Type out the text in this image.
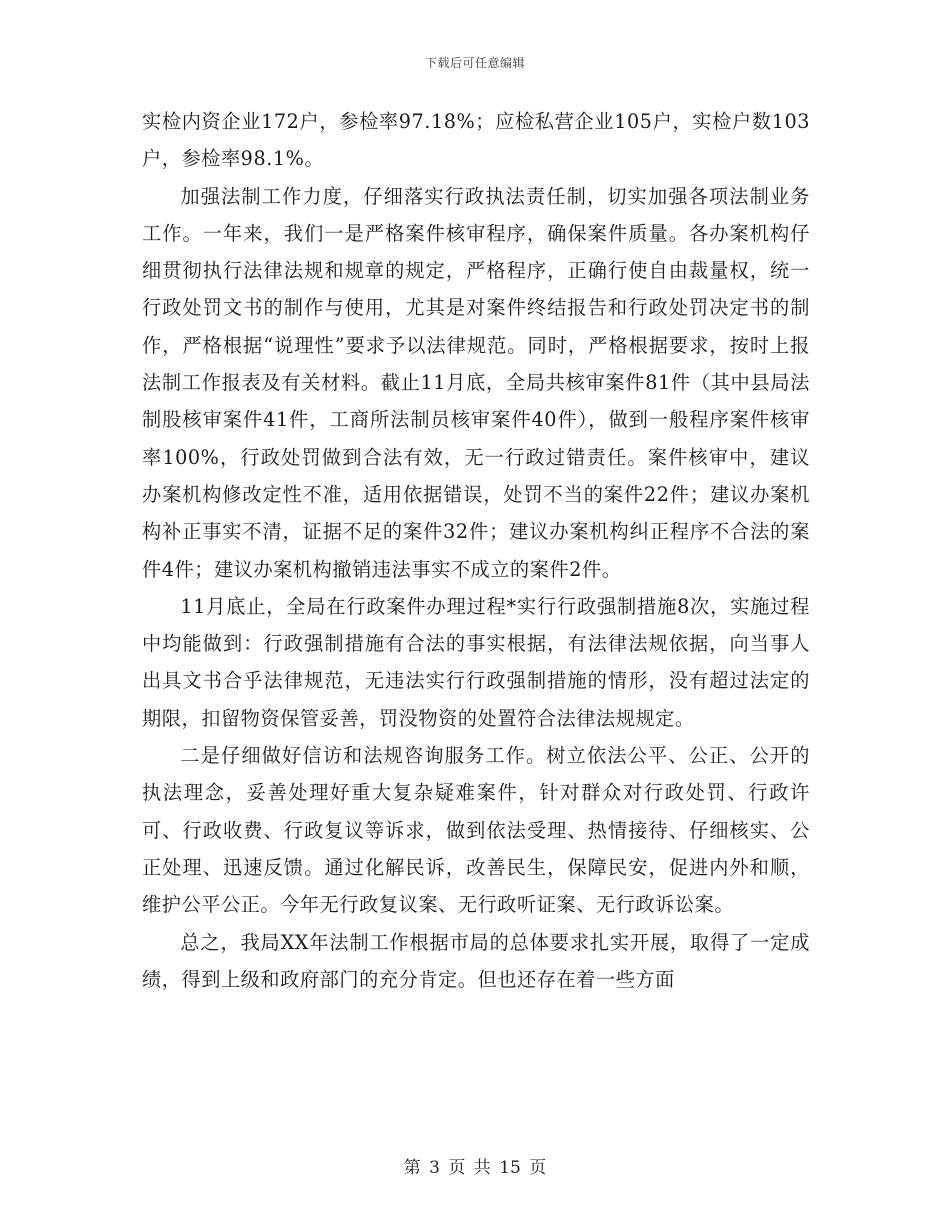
下载后可任意编辑

实检内资企业172户，参检率97.18%；应检私营企业105户，实检户数103户，参检率98.1%。

加强法制工作力度，仔细落实行政执法责任制，切实加强各项法制业务工作。一年来，我们一是严格案件核审程序，确保案件质量。各办案机构仔细贯彻执行法律法规和规章的规定，严格程序，正确行使自由裁量权，统一行政处罚文书的制作与使用，尤其是对案件终结报告和行政处罚决定书的制作，严格根据“说理性”要求予以法律规范。同时，严格根据要求，按时上报法制工作报表及有关材料。截止11月底，全局共核审案件81件（其中县局法制股核审案件41件，工商所法制员核审案件40件），做到一般程序案件核审率100%，行政处罚做到合法有效，无一行政过错责任。案件核审中，建议办案机构修改定性不准，适用依据错误，处罚不当的案件22件；建议办案机构补正事实不清，证据不足的案件32件；建议办案机构纠正程序不合法的案件4件；建议办案机构撤销违法事实不成立的案件2件。

11月底止，全局在行政案件办理过程*实行行政强制措施8次，实施过程中均能做到：行政强制措施有合法的事实根据，有法律法规依据，向当事人出具文书合乎法律规范，无违法实行行政强制措施的情形，没有超过法定的期限，扣留物资保管妥善，罚没物资的处置符合法律法规规定。

二是仔细做好信访和法规咨询服务工作。树立依法公平、公正、公开的执法理念，妥善处理好重大复杂疑难案件，针对群众对行政处罚、行政许可、行政收费、行政复议等诉求，做到依法受理、热情接待、仔细核实、公正处理、迅速反馈。通过化解民诉，改善民生，保障民安，促进内外和顺，维护公平公正。今年无行政复议案、无行政听证案、无行政诉讼案。

总之，我局XX年法制工作根据市局的总体要求扎实开展，取得了一定成绩，得到上级和政府部门的充分肯定。但也还存在着一些方面

第 3 页 共 15 页
